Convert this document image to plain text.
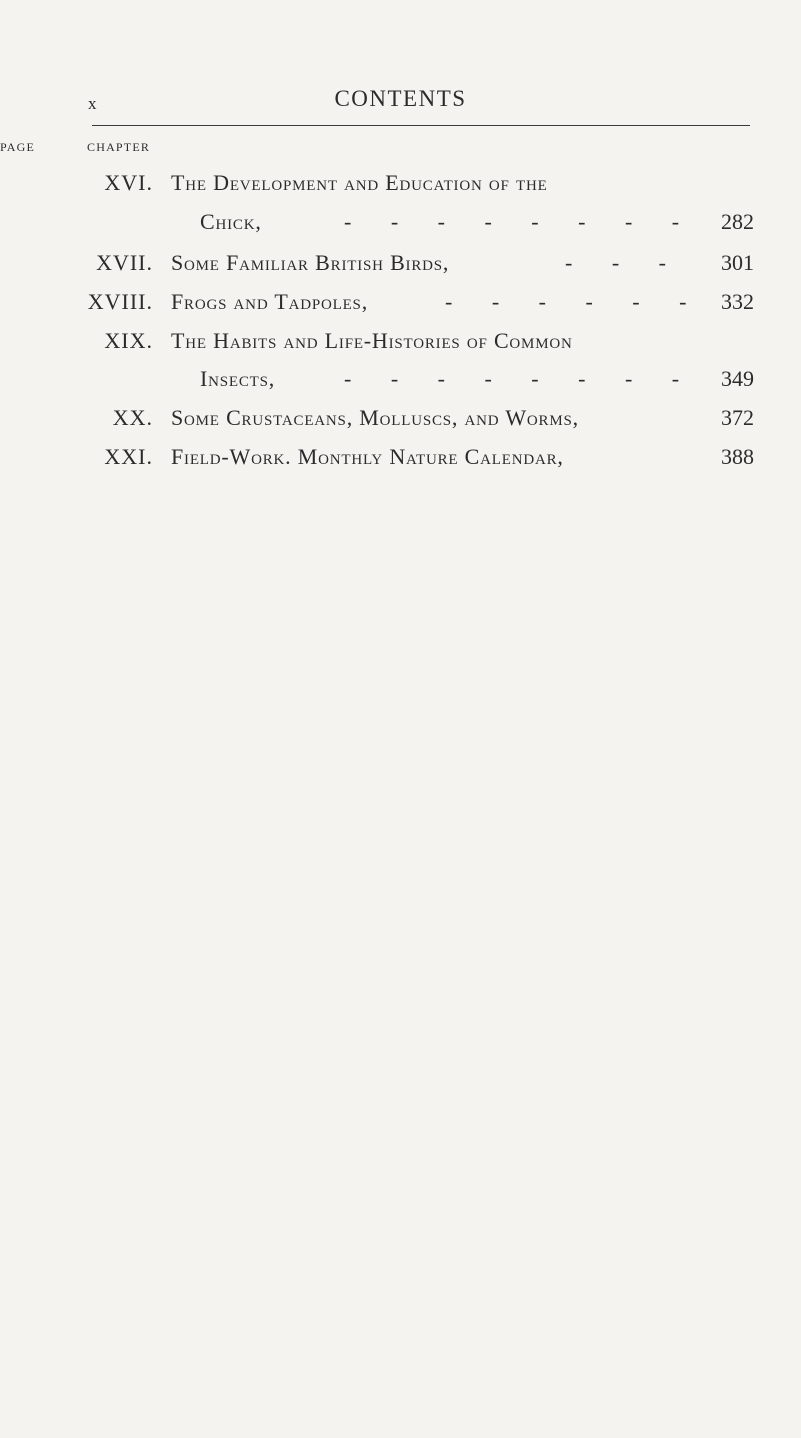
x	CONTENTS
CHAPTER
PAGE
XVI. The Development and Education of the
Chick,	- - - - - - - - 282
XVII. Some Familiar British Birds,	- - - 301
XVIII. Frogs and Tadpoles,	- - - - - - 332
XIX. The Habits and Life-Histories of Common
Insects,	- - - - - - - - 349
XX. Some Crustaceans, Molluscs, and Worms,	372
XXI. Field-Work. Monthly Nature Calendar,	388
